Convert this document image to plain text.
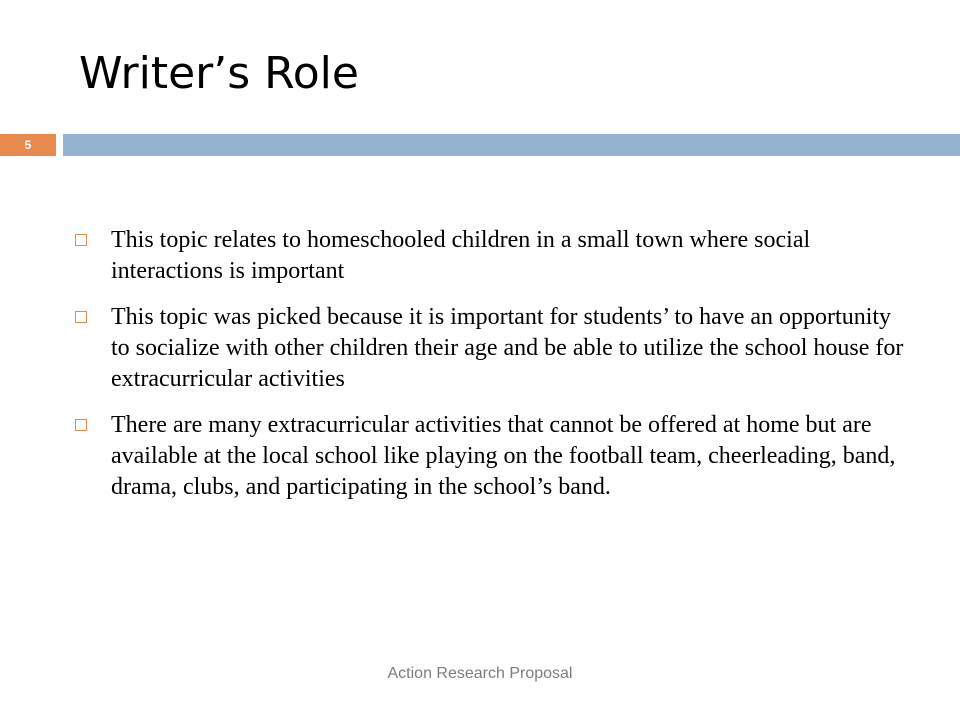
Writer’s Role
5
This topic relates to homeschooled children in a small town where social interactions is important
This topic was picked because it is important for students’ to have an opportunity to socialize with other children their age and be able to utilize the school house for extracurricular activities
There are many extracurricular activities that cannot be offered at home but are available at the local school like playing on the football team, cheerleading, band, drama, clubs, and participating in the school’s band.
Action Research Proposal
